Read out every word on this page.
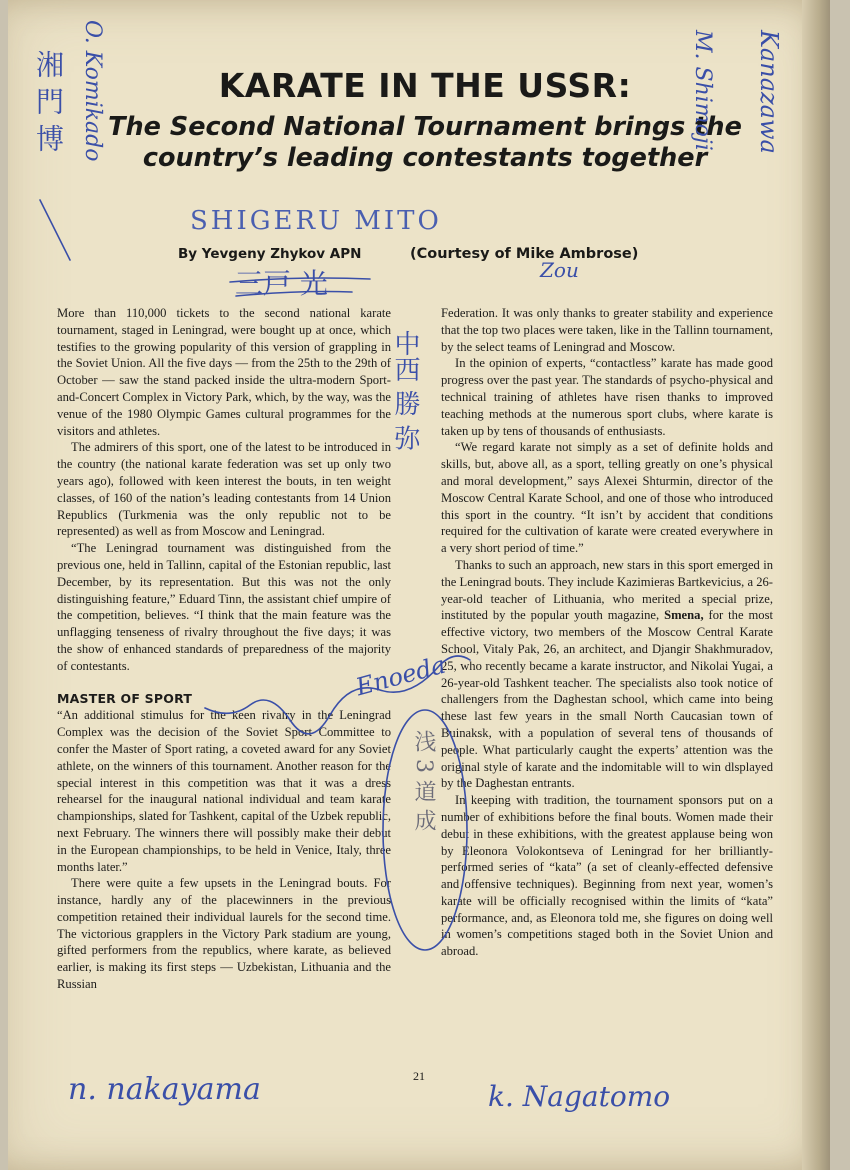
KARATE IN THE USSR:
The Second National Tournament brings the country’s leading contestants together
By Yevgeny Zhykov APN	(Courtesy of Mike Ambrose)

More than 110,000 tickets to the second national karate tournament, staged in Leningrad, were bought up at once, which testifies to the growing popularity of this version of grappling in the Soviet Union. All the five days — from the 25th to the 29th of October — saw the stand packed inside the ultra-modern Sport-and-Concert Complex in Victory Park, which, by the way, was the venue of the 1980 Olympic Games cultural programmes for the visitors and athletes.

The admirers of this sport, one of the latest to be introduced in the country (the national karate federation was set up only two years ago), followed with keen interest the bouts, in ten weight classes, of 160 of the nation’s leading contestants from 14 Union Republics (Turkmenia was the only republic not to be represented) as well as from Moscow and Leningrad.

“The Leningrad tournament was distinguished from the previous one, held in Tallinn, capital of the Estonian republic, last December, by its representation. But this was not the only distinguishing feature,” Eduard Tinn, the assistant chief umpire of the competition, believes. “I think that the main feature was the unflagging tenseness of rivalry throughout the five days; it was the show of enhanced standards of preparedness of the majority of contestants.

MASTER OF SPORT

“An additional stimulus for the keen rivalry in the Leningrad Complex was the decision of the Soviet Sport Committee to confer the Master of Sport rating, a coveted award for any Soviet athlete, on the winners of this tournament. Another reason for the special interest in this competition was that it was a dress rehearsel for the inaugural national individual and team karate championships, slated for Tashkent, capital of the Uzbek republic, next February. The winners there will possibly make their debut in the European championships, to be held in Venice, Italy, three months later.”

There were quite a few upsets in the Leningrad bouts. For instance, hardly any of the placewinners in the previous competition retained their individual laurels for the second time. The victorious grapplers in the Victory Park stadium are young, gifted performers from the republics, where karate, as believed earlier, is making its first steps — Uzbekistan, Lithuania and the Russian

Federation. It was only thanks to greater stability and experience that the top two places were taken, like in the Tallinn tournament, by the select teams of Leningrad and Moscow.

In the opinion of experts, “contactless” karate has made good progress over the past year. The standards of psycho-physical and technical training of athletes have risen thanks to improved teaching methods at the numerous sport clubs, where karate is taken up by tens of thousands of enthusiasts.

“We regard karate not simply as a set of definite holds and skills, but, above all, as a sport, telling greatly on one’s physical and moral development,” says Alexei Shturmin, director of the Moscow Central Karate School, and one of those who introduced this sport in the country. “It isn’t by accident that conditions required for the cultivation of karate were created everywhere in a very short period of time.”

Thanks to such an approach, new stars in this sport emerged in the Leningrad bouts. They include Kazimieras Bartkevicius, a 26-year-old teacher of Lithuania, who merited a special prize, instituted by the popular youth magazine, Smena, for the most effective victory, two members of the Moscow Central Karate School, Vitaly Pak, 26, an architect, and Djangir Shakhmuradov, 25, who recently became a karate instructor, and Nikolai Yugai, a 26-year-old Tashkent teacher. The specialists also took notice of challengers from the Daghestan school, which came into being these last few years in the small North Caucasian town of Buinaksk, with a population of several tens of thousands of people. What particularly caught the experts’ attention was the original style of karate and the indomitable will to win dlsplayed by the Daghestan entrants.

In keeping with tradition, the tournament sponsors put on a number of exhibitions before the final bouts. Women made their debut in these exhibitions, with the greatest applause being won by Eleonora Volokontseva of Leningrad for her brilliantly-performed series of “kata” (a set of cleanly-effected defensive and offensive techniques). Beginning from next year, women’s karate will be officially recognised within the limits of “kata” performance, and, as Eleonora told me, she figures on doing well in women’s competitions staged both in the Soviet Union and abroad.

21
SHIGERU MITO
n. nakayama	k. Nagatomo
Kanazawa
O. Komikado	M. Shimoji
Zou
Enoeda
中西 勝 弥
湘 門 博
三戸 光
浅 3 道 成
